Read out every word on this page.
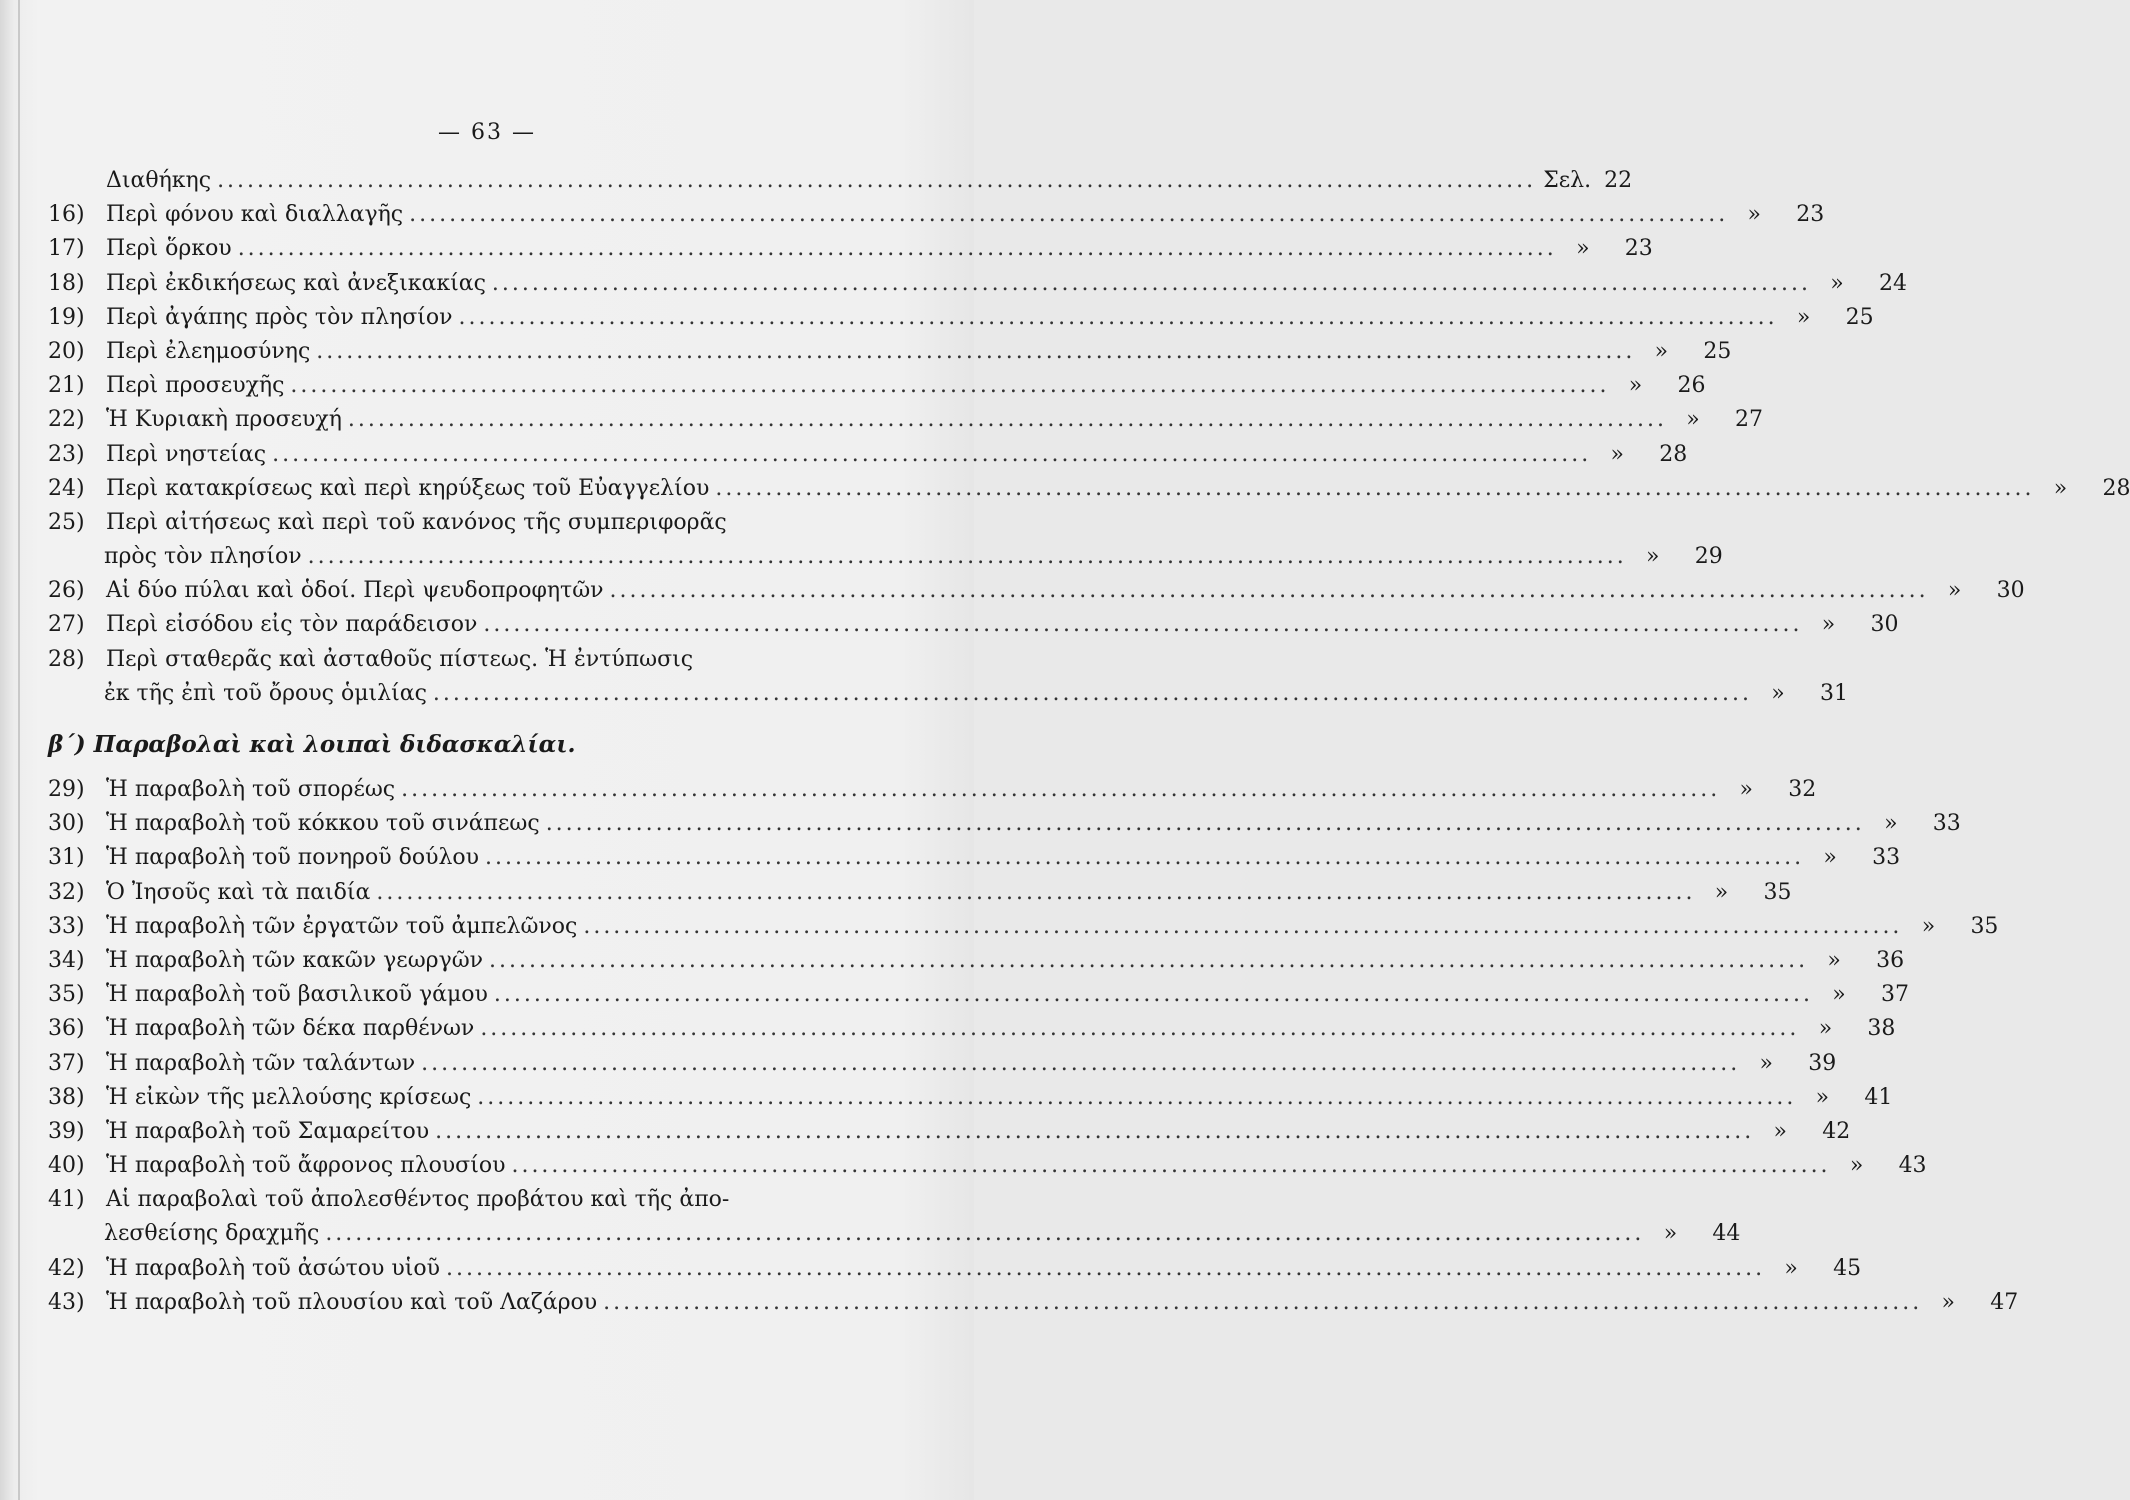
— 63 —
Διαθήκης .....	Σελ. 22
16) Περὶ φόνου καὶ διαλλαγῆς .....	»	23
17) Περὶ ὅρκου .....	»	23
18) Περὶ ἐκδικήσεως καὶ ἀνεξικακίας .....	»	24
19) Περὶ ἀγάπης πρὸς τὸν πλησίον .....	»	25
20) Περὶ ἐλεημοσύνης .....	»	25
21) Περὶ προσευχῆς .....	»	26
22) Ἡ Κυριακὴ προσευχή .....	»	27
23) Περὶ νηστείας .....	»	28
24) Περὶ κατακρίσεως καὶ περὶ κηρύξεως τοῦ Εὐαγγελίου .....	»	28
25) Περὶ αἰτήσεως καὶ περὶ τοῦ κανόνος τῆς συμπεριφορᾶς
πρὸς τὸν πλησίον .....	»	29
26) Αἱ δύο πύλαι καὶ ὁδοί. Περὶ ψευδοπροφητῶν .....	»	30
27) Περὶ εἰσόδου εἰς τὸν παράδεισον .....	»	30
28) Περὶ σταθερᾶς καὶ ἀσταθοῦς πίστεως. Ἡ ἐντύπωσις
ἐκ τῆς ἐπὶ τοῦ ὄρους ὁμιλίας .....	»	31
β΄) Παραβολαὶ καὶ λοιπαὶ διδασκαλίαι.
29) Ἡ παραβολὴ τοῦ σπορέως .....	»	32
30) Ἡ παραβολὴ τοῦ κόκκου τοῦ σινάπεως .....	»	33
31) Ἡ παραβολὴ τοῦ πονηροῦ δούλου .....	»	33
32) Ὁ Ἰησοῦς καὶ τὰ παιδία .....	»	35
33) Ἡ παραβολὴ τῶν ἐργατῶν τοῦ ἀμπελῶνος .....	»	35
34) Ἡ παραβολὴ τῶν κακῶν γεωργῶν .....	»	36
35) Ἡ παραβολὴ τοῦ βασιλικοῦ γάμου .....	»	37
36) Ἡ παραβολὴ τῶν δέκα παρθένων .....	»	38
37) Ἡ παραβολὴ τῶν ταλάντων .....	»	39
38) Ἡ εἰκὼν τῆς μελλούσης κρίσεως .....	»	41
39) Ἡ παραβολὴ τοῦ Σαμαρείτου .....	»	42
40) Ἡ παραβολὴ τοῦ ἄφρονος πλουσίου .....	»	43
41) Αἱ παραβολαὶ τοῦ ἀπολεσθέντος προβάτου καὶ τῆς ἀπο-
λεσθείσης δραχμῆς .....	»	44
42) Ἡ παραβολὴ τοῦ ἀσώτου υἱοῦ .....	»	45
43) Ἡ παραβολὴ τοῦ πλουσίου καὶ τοῦ Λαζάρου .....	»	47
